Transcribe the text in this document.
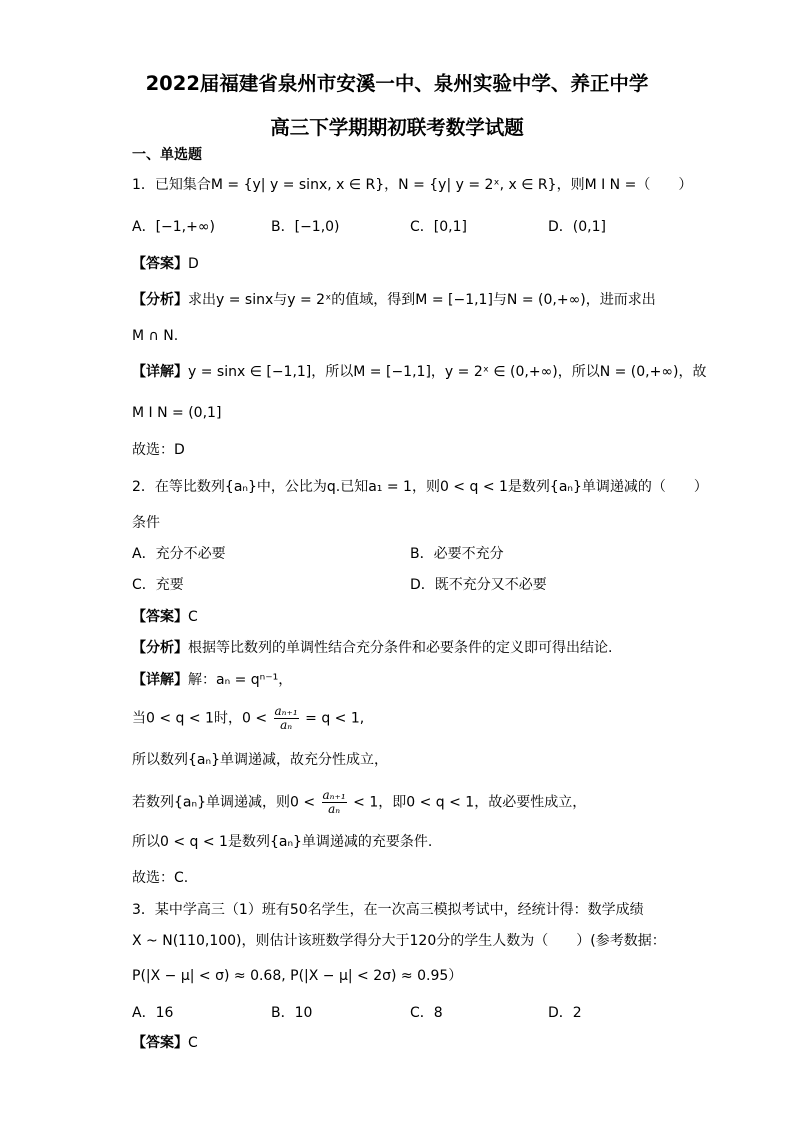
2022届福建省泉州市安溪一中、泉州实验中学、养正中学
高三下学期期初联考数学试题
一、单选题
1．已知集合M = {y| y = sinx, x ∈ R}，N = {y| y = 2ˣ, x ∈ R}，则M I N =（　　）
A．[−1,+∞)	B．[−1,0)	C．[0,1]	D．(0,1]
【答案】D
【分析】求出y = sinx与y = 2ˣ的值域，得到M = [−1,1]与N = (0,+∞)，进而求出
M ∩ N.
【详解】y = sinx ∈ [−1,1]，所以M = [−1,1]，y = 2ˣ ∈ (0,+∞)，所以N = (0,+∞)，故
M I N = (0,1]
故选：D
2．在等比数列{aₙ}中，公比为q.已知a₁ = 1，则0 < q < 1是数列{aₙ}单调递减的（　　）
条件
A．充分不必要	B．必要不充分
C．充要	D．既不充分又不必要
【答案】C
【分析】根据等比数列的单调性结合充分条件和必要条件的定义即可得出结论.
【详解】解：aₙ = qⁿ⁻¹，
当0 < q < 1时，$0 < \frac{\text{aₙ₊₁}}{\text{aₙ}} = q < 1$,
所以数列{aₙ}单调递减，故充分性成立，
若数列{aₙ}单调递减，则$0 < \frac{\text{aₙ₊₁}}{\text{aₙ}} < 1$，即0 < q < 1，故必要性成立，
所以0 < q < 1是数列{aₙ}单调递减的充要条件.
故选：C.
3．某中学高三（1）班有50名学生，在一次高三模拟考试中，经统计得：数学成绩
X ~ N(110,100)，则估计该班数学得分大于120分的学生人数为（　　）(参考数据：
P(|X − μ| < σ) ≈ 0.68, P(|X − μ| < 2σ) ≈ 0.95）
A．16	B．10	C．8	D．2
【答案】C
